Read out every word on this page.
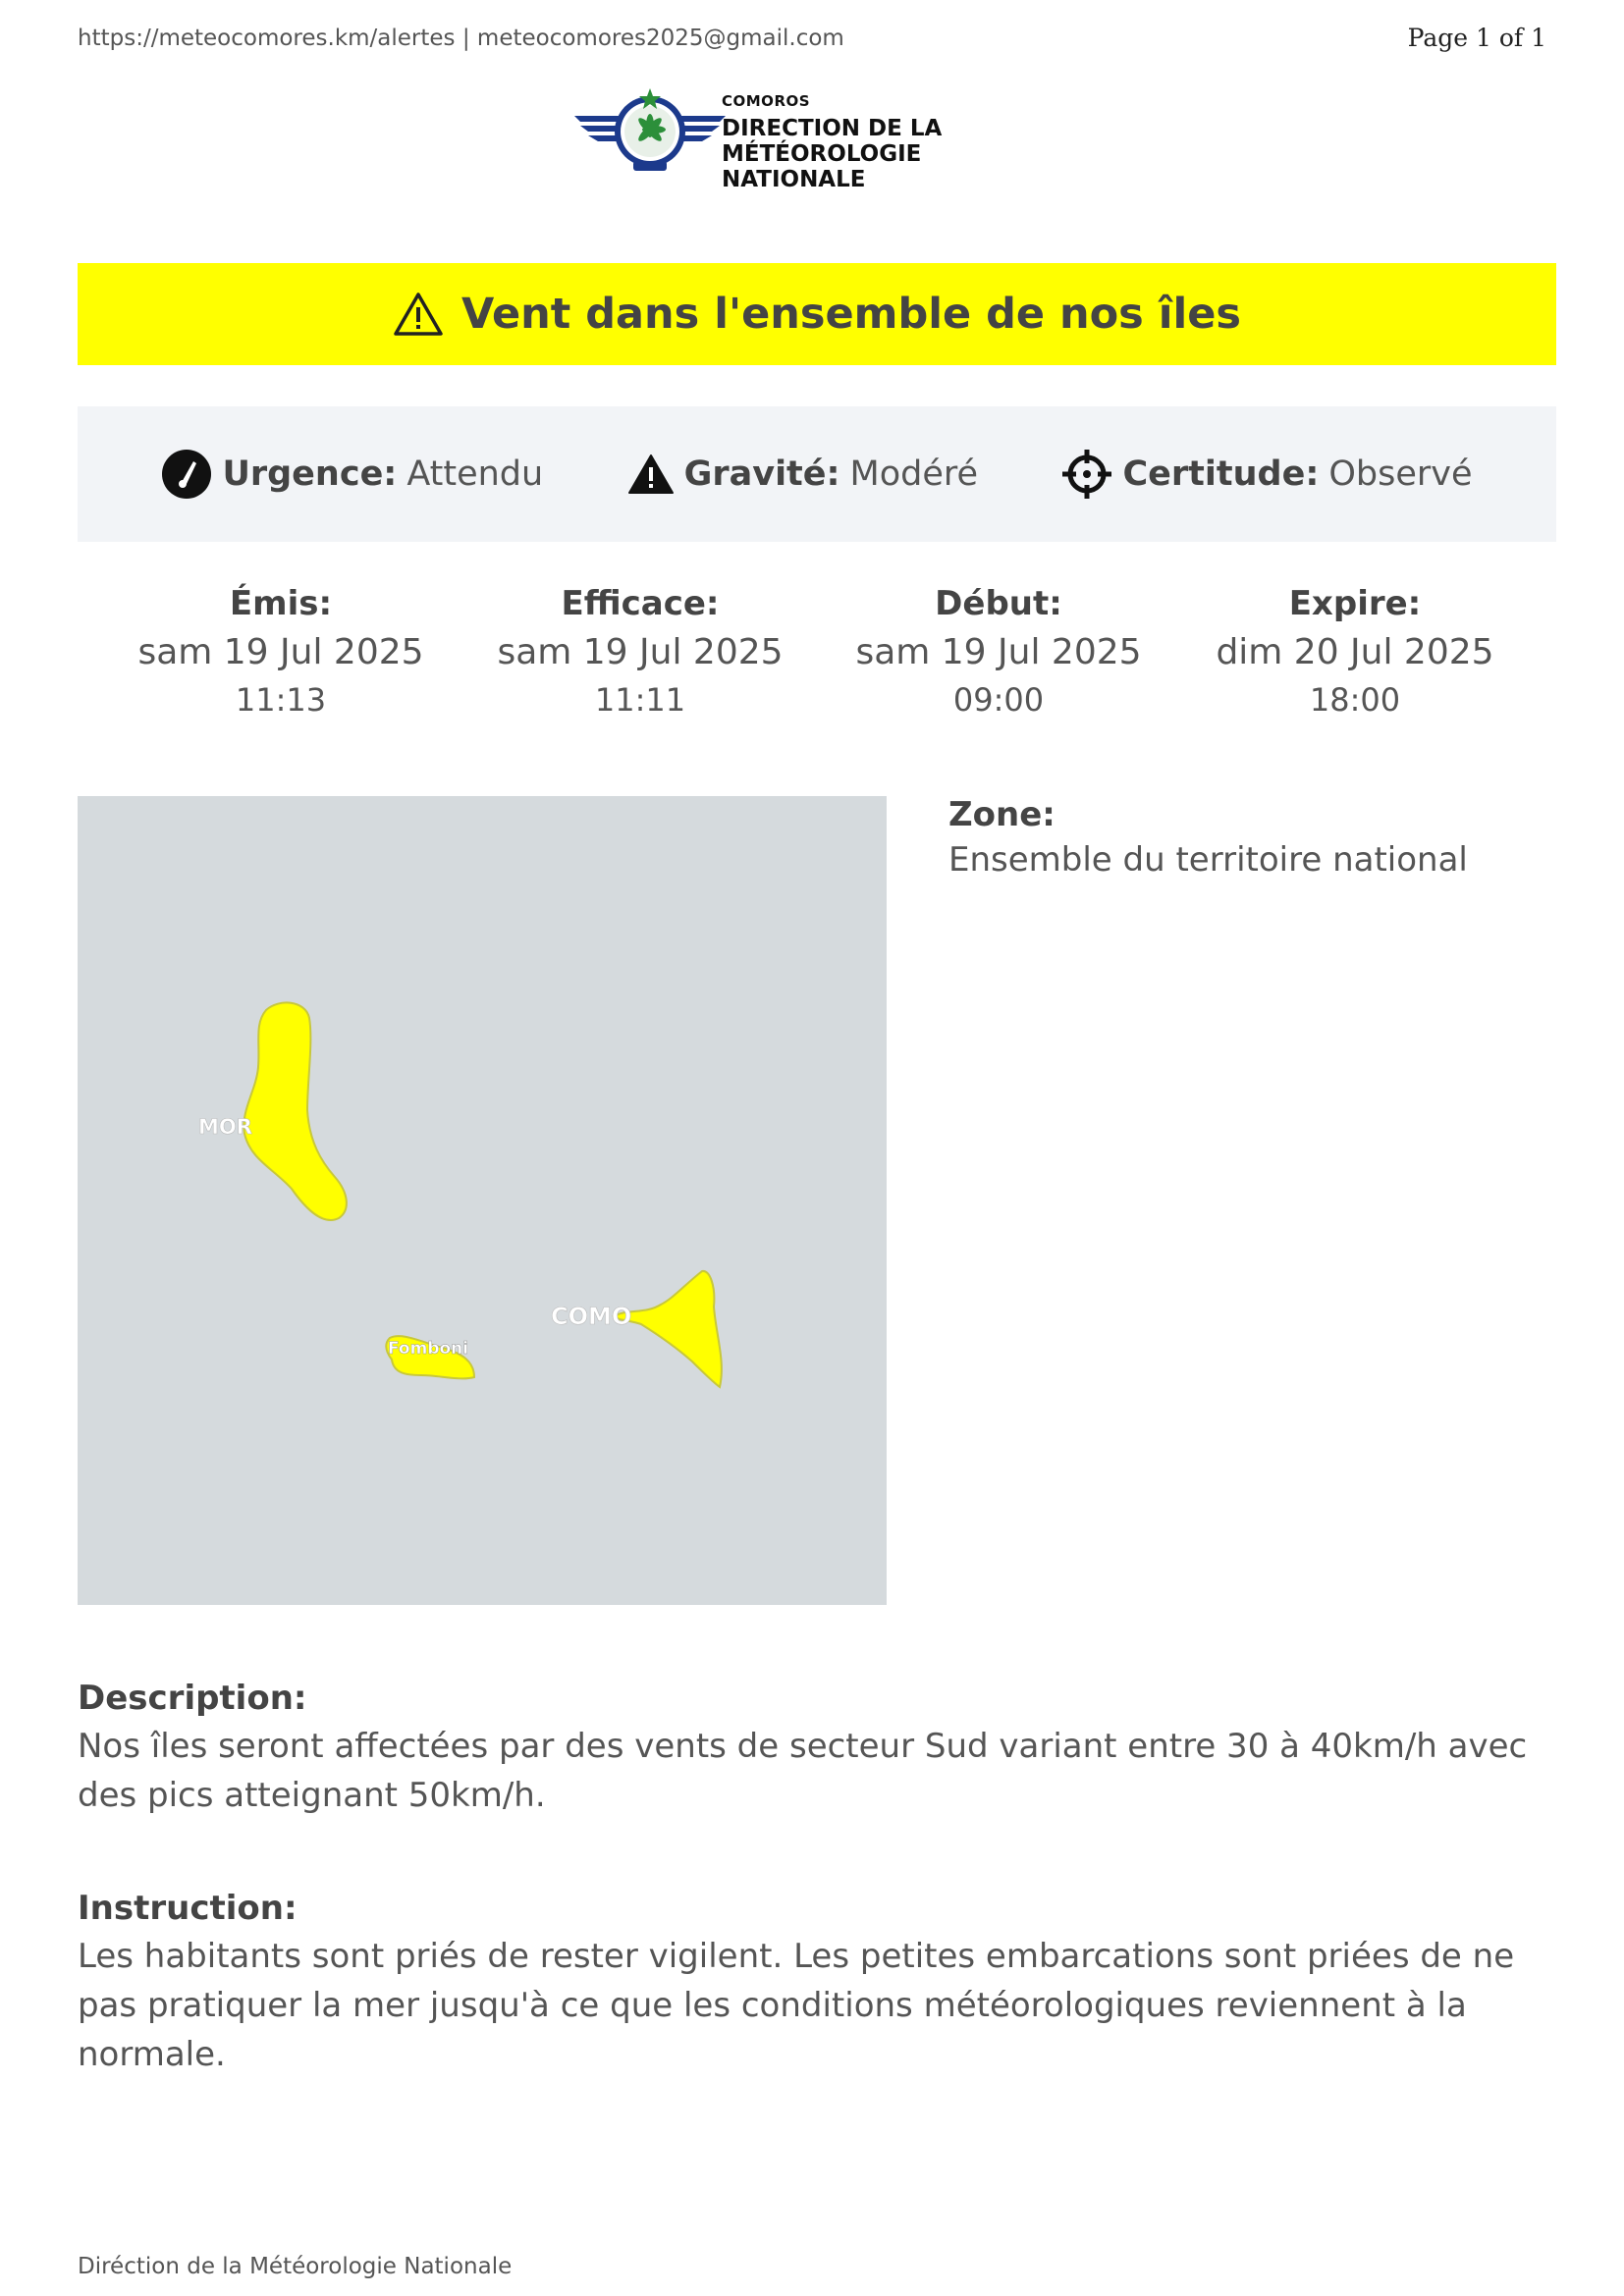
https://meteocomores.km/alertes | meteocomores2025@gmail.com	Page 1 of 1
COMOROS
DIRECTION DE LA
MÉTÉOROLOGIE NATIONALE
Vent dans l'ensemble de nos îles
Urgence: Attendu	Gravité: Modéré	Certitude: Observé
Émis:
sam 19 Jul 2025
11:13
Efficace:
sam 19 Jul 2025
11:11
Début:
sam 19 Jul 2025
09:00
Expire:
dim 20 Jul 2025
18:00
MOR
COMO
Fomboni
Zone:
Ensemble du territoire national
Description:
Nos îles seront affectées par des vents de secteur Sud variant entre 30 à 40km/h avec des pics atteignant 50km/h.
Instruction:
Les habitants sont priés de rester vigilent. Les petites embarcations sont priées de ne pas pratiquer la mer jusqu'à ce que les conditions météorologiques reviennent à la normale.
Diréction de la Météorologie Nationale
